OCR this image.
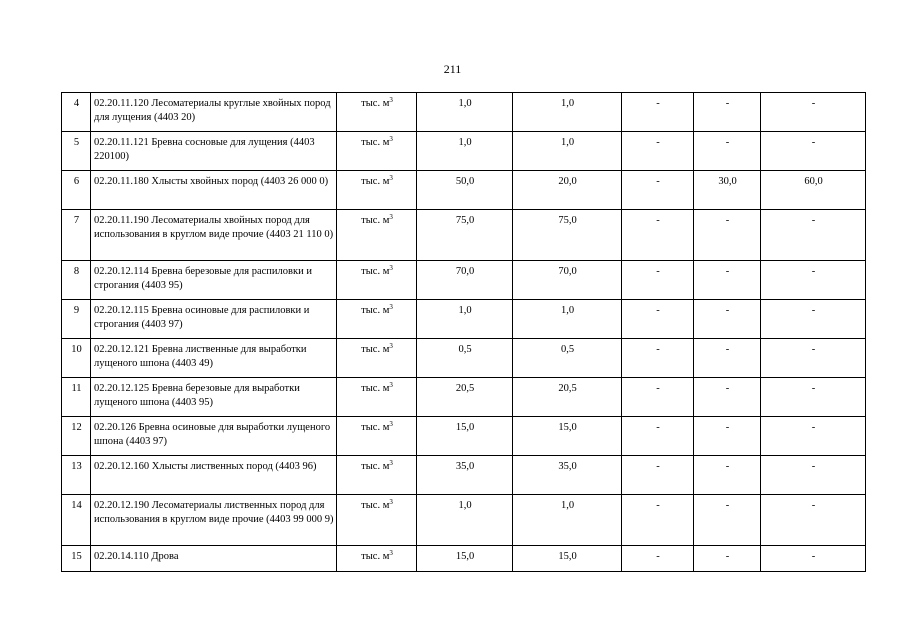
211
4	02.20.11.120 Лесоматериалы круглые хвойных пород для лущения (4403 20)	тыс. $м^3$	1,0	1,0	-	-	-
5	02.20.11.121 Бревна сосновые для лущения (4403 220100)	тыс. $м^3$	1,0	1,0	-	-	-
6	02.20.11.180 Хлысты хвойных пород (4403 26 000 0)	тыс. $м^3$	50,0	20,0	-	30,0	60,0
7	02.20.11.190 Лесоматериалы хвойных пород для использования в круглом виде прочие (4403 21 110 0)	тыс. $м^3$	75,0	75,0	-	-	-
8	02.20.12.114 Бревна березовые для распиловки и строгания (4403 95)	тыс. $м^3$	70,0	70,0	-	-	-
9	02.20.12.115 Бревна осиновые для распиловки и строгания (4403 97)	тыс. $м^3$	1,0	1,0	-	-	-
10	02.20.12.121 Бревна лиственные для выработки лущеного шпона (4403 49)	тыс. $м^3$	0,5	0,5	-	-	-
11	02.20.12.125 Бревна березовые для выработки лущеного шпона (4403 95)	тыс. $м^3$	20,5	20,5	-	-	-
12	02.20.126 Бревна осиновые для выработки лущеного шпона (4403 97)	тыс. $м^3$	15,0	15,0	-	-	-
13	02.20.12.160 Хлысты лиственных пород (4403 96)	тыс. $м^3$	35,0	35,0	-	-	-
14	02.20.12.190 Лесоматериалы лиственных пород для использования в круглом виде прочие (4403 99 000 9)	тыс. $м^3$	1,0	1,0	-	-	-
15	02.20.14.110 Дрова	тыс. $м^3$	15,0	15,0	-	-	-
